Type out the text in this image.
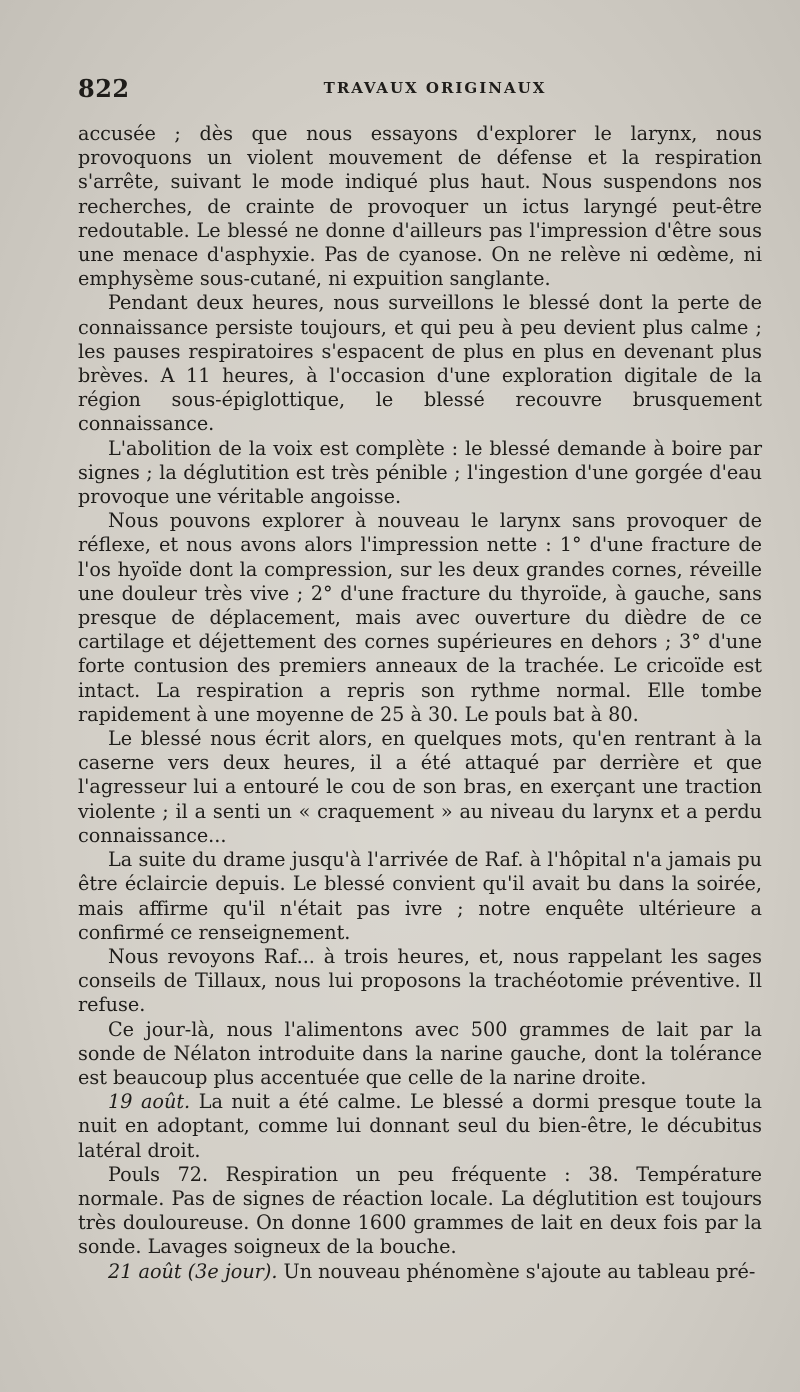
822	TRAVAUX ORIGINAUX

accusée ; dès que nous essayons d'explorer le larynx, nous provoquons un violent mouvement de défense et la respiration s'arrête, suivant le mode indiqué plus haut. Nous suspendons nos recherches, de crainte de provoquer un ictus laryngé peut-être redoutable. Le blessé ne donne d'ailleurs pas l'impression d'être sous une menace d'asphyxie. Pas de cyanose. On ne relève ni œdème, ni emphysème sous-cutané, ni expuition sanglante.

Pendant deux heures, nous surveillons le blessé dont la perte de connaissance persiste toujours, et qui peu à peu devient plus calme ; les pauses respiratoires s'espacent de plus en plus en devenant plus brèves. A 11 heures, à l'occasion d'une exploration digitale de la région sous-épiglottique, le blessé recouvre brusquement connaissance.

L'abolition de la voix est complète : le blessé demande à boire par signes ; la déglutition est très pénible ; l'ingestion d'une gorgée d'eau provoque une véritable angoisse.

Nous pouvons explorer à nouveau le larynx sans provoquer de réflexe, et nous avons alors l'impression nette : 1° d'une fracture de l'os hyoïde dont la compression, sur les deux grandes cornes, réveille une douleur très vive ; 2° d'une fracture du thyroïde, à gauche, sans presque de déplacement, mais avec ouverture du dièdre de ce cartilage et déjettement des cornes supérieures en dehors ; 3° d'une forte contusion des premiers anneaux de la trachée. Le cricoïde est intact. La respiration a repris son rythme normal. Elle tombe rapidement à une moyenne de 25 à 30. Le pouls bat à 80.

Le blessé nous écrit alors, en quelques mots, qu'en rentrant à la caserne vers deux heures, il a été attaqué par derrière et que l'agresseur lui a entouré le cou de son bras, en exerçant une traction violente ; il a senti un « craquement » au niveau du larynx et a perdu connaissance...

La suite du drame jusqu'à l'arrivée de Raf. à l'hôpital n'a jamais pu être éclaircie depuis. Le blessé convient qu'il avait bu dans la soirée, mais affirme qu'il n'était pas ivre ; notre enquête ultérieure a confirmé ce renseignement.

Nous revoyons Raf... à trois heures, et, nous rappelant les sages conseils de Tillaux, nous lui proposons la trachéotomie préventive. Il refuse.

Ce jour-là, nous l'alimentons avec 500 grammes de lait par la sonde de Nélaton introduite dans la narine gauche, dont la tolérance est beaucoup plus accentuée que celle de la narine droite.

19 août. La nuit a été calme. Le blessé a dormi presque toute la nuit en adoptant, comme lui donnant seul du bien-être, le décubitus latéral droit.

Pouls 72. Respiration un peu fréquente : 38. Température normale. Pas de signes de réaction locale. La déglutition est toujours très douloureuse. On donne 1600 grammes de lait en deux fois par la sonde. Lavages soigneux de la bouche.

21 août (3e jour). Un nouveau phénomène s'ajoute au tableau pré-
